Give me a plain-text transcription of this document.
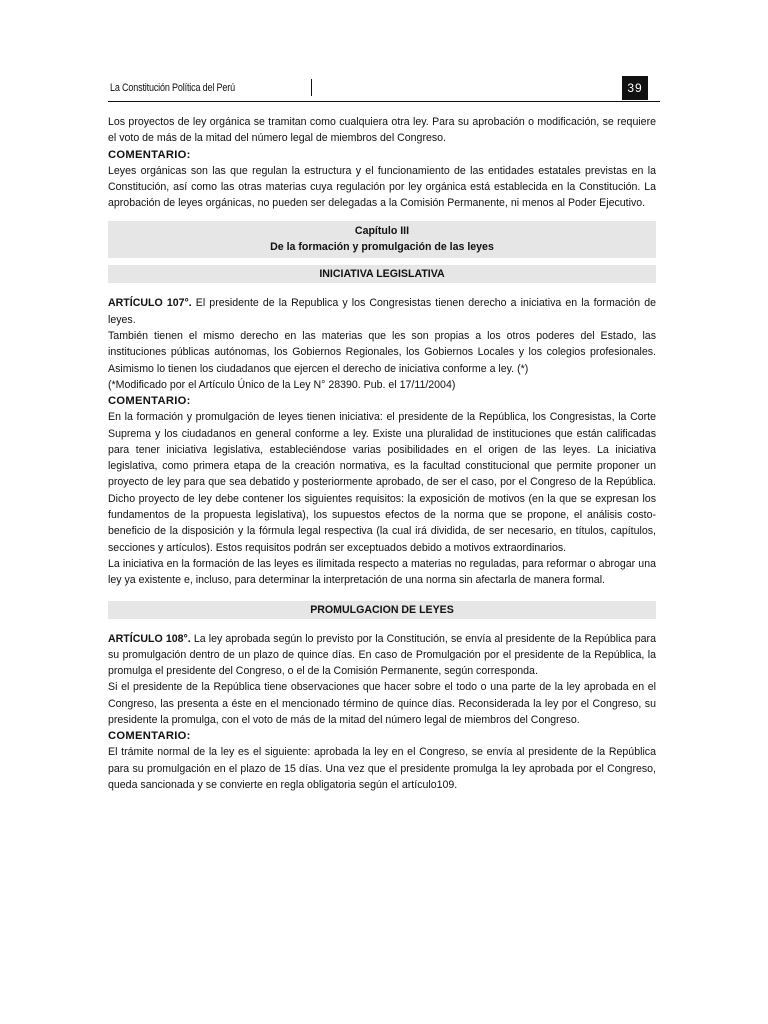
La Constitución Política del Perú	39

Los proyectos de ley orgánica se tramitan como cualquiera otra ley. Para su aprobación o modificación, se requiere el voto de más de la mitad del número legal de miembros del Congreso.

COMENTARIO:

Leyes orgánicas son las que regulan la estructura y el funcionamiento de las entidades estatales previstas en la Constitución, así como las otras materias cuya regulación por ley orgánica está establecida en la Constitución. La aprobación de leyes orgánicas, no pueden ser delegadas a la Comisión Permanente, ni menos al Poder Ejecutivo.

Capítulo III
De la formación y promulgación de las leyes
INICIATIVA LEGISLATIVA

ARTÍCULO 107°. El presidente de la Republica y los Congresistas tienen derecho a iniciativa en la formación de leyes.

También tienen el mismo derecho en las materias que les son propias a los otros poderes del Estado, las instituciones públicas autónomas, los Gobiernos Regionales, los Gobiernos Locales y los colegios profesionales. Asimismo lo tienen los ciudadanos que ejercen el derecho de iniciativa conforme a ley. (*)

(*Modificado por el Artículo Único de la Ley N° 28390. Pub. el 17/11/2004)

COMENTARIO:

En la formación y promulgación de leyes tienen iniciativa: el presidente de la República, los Congresistas, la Corte Suprema y los ciudadanos en general conforme a ley. Existe una pluralidad de instituciones que están calificadas para tener iniciativa legislativa, estableciéndose varias posibilidades en el origen de las leyes. La iniciativa legislativa, como primera etapa de la creación normativa, es la facultad constitucional que permite proponer un proyecto de ley para que sea debatido y posteriormente aprobado, de ser el caso, por el Congreso de la República. Dicho proyecto de ley debe contener los siguientes requisitos: la exposición de motivos (en la que se expresan los fundamentos de la propuesta legislativa), los supuestos efectos de la norma que se propone, el análisis costo-beneficio de la disposición y la fórmula legal respectiva (la cual irá dividida, de ser necesario, en títulos, capítulos, secciones y artículos). Estos requisitos podrán ser exceptuados debido a motivos extraordinarios.

La iniciativa en la formación de las leyes es ilimitada respecto a materias no reguladas, para reformar o abrogar una ley ya existente e, incluso, para determinar la interpretación de una norma sin afectarla de manera formal.

PROMULGACION DE LEYES

ARTÍCULO 108°. La ley aprobada según lo previsto por la Constitución, se envía al presidente de la República para su promulgación dentro de un plazo de quince días. En caso de Promulgación por el presidente de la República, la promulga el presidente del Congreso, o el de la Comisión Permanente, según corresponda.

Si el presidente de la República tiene observaciones que hacer sobre el todo o una parte de la ley aprobada en el Congreso, las presenta a éste en el mencionado término de quince días. Reconsiderada la ley por el Congreso, su presidente la promulga, con el voto de más de la mitad del número legal de miembros del Congreso.

COMENTARIO:

El trámite normal de la ley es el siguiente: aprobada la ley en el Congreso, se envía al presidente de la República para su promulgación en el plazo de 15 días. Una vez que el presidente promulga la ley aprobada por el Congreso, queda sancionada y se convierte en regla obligatoria según el artículo109.
